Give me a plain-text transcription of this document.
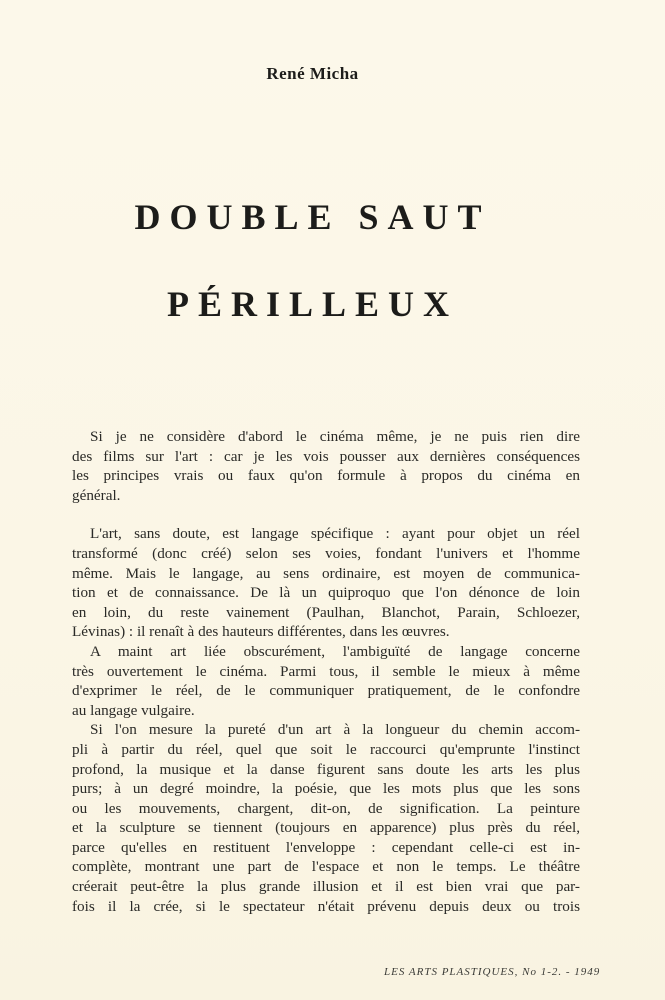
René Micha
DOUBLE SAUT
PÉRILLEUX
Si je ne considère d'abord le cinéma même, je ne puis rien dire
des films sur l'art : car je les vois pousser aux dernières conséquences
les principes vrais ou faux qu'on formule à propos du cinéma en
général.
L'art, sans doute, est langage spécifique : ayant pour objet un réel
transformé (donc créé) selon ses voies, fondant l'univers et l'homme
même. Mais le langage, au sens ordinaire, est moyen de communica-
tion et de connaissance. De là un quiproquo que l'on dénonce de loin
en loin, du reste vainement (Paulhan, Blanchot, Parain, Schloezer,
Lévinas) : il renaît à des hauteurs différentes, dans les œuvres.
A maint art liée obscurément, l'ambiguïté de langage concerne
très ouvertement le cinéma. Parmi tous, il semble le mieux à même
d'exprimer le réel, de le communiquer pratiquement, de le confondre
au langage vulgaire.
Si l'on mesure la pureté d'un art à la longueur du chemin accom-
pli à partir du réel, quel que soit le raccourci qu'emprunte l'instinct
profond, la musique et la danse figurent sans doute les arts les plus
purs; à un degré moindre, la poésie, que les mots plus que les sons
ou les mouvements, chargent, dit-on, de signification. La peinture
et la sculpture se tiennent (toujours en apparence) plus près du réel,
parce qu'elles en restituent l'enveloppe : cependant celle-ci est in-
complète, montrant une part de l'espace et non le temps. Le théâtre
créerait peut-être la plus grande illusion et il est bien vrai que par-
fois il la crée, si le spectateur n'était prévenu depuis deux ou trois
LES ARTS PLASTIQUES, No 1-2. - 1949
